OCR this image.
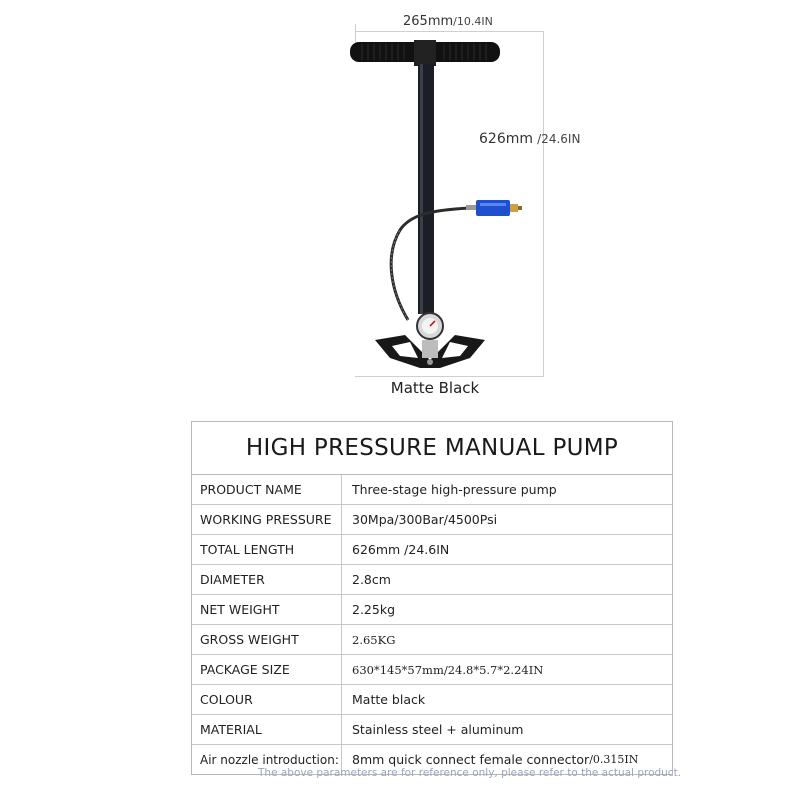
265mm/10.4IN
626mm /24.6IN
Matte Black
HIGH PRESSURE MANUAL PUMP
PRODUCT NAME	Three-stage high-pressure pump
WORKING PRESSURE	30Mpa/300Bar/4500Psi
TOTAL LENGTH	626mm /24.6IN
DIAMETER	2.8cm
NET WEIGHT	2.25kg
GROSS WEIGHT	2.65KG
PACKAGE SIZE	630*145*57mm/24.8*5.7*2.24IN
COLOUR	Matte black
MATERIAL	Stainless steel + aluminum
Air nozzle introduction: 8mm quick connect female connector /0.315IN
The above parameters are for reference only, please refer to the actual product.
